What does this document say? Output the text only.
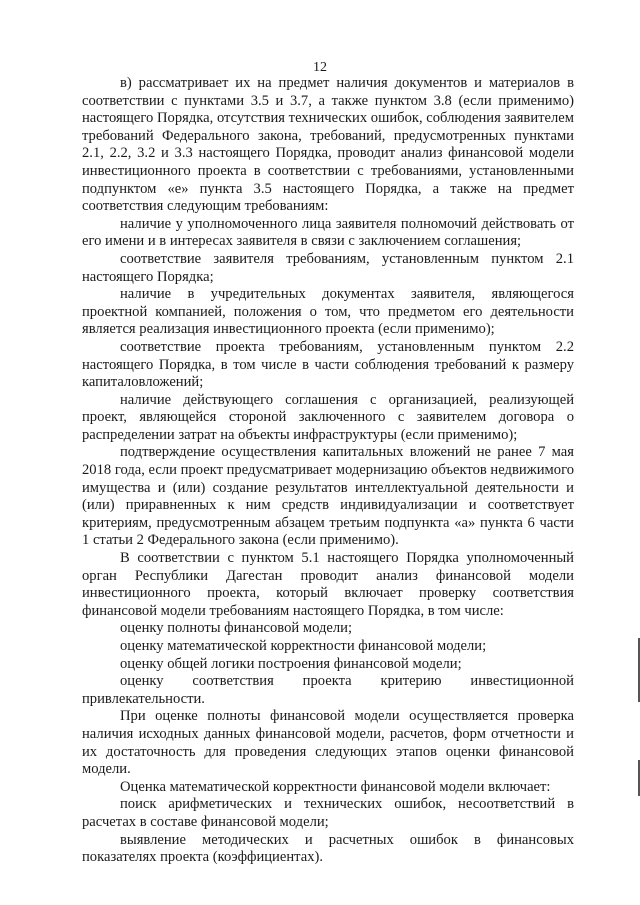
12

в) рассматривает их на предмет наличия документов и материалов в соответствии с пунктами 3.5 и 3.7, а также пунктом 3.8 (если применимо) настоящего Порядка, отсутствия технических ошибок, соблюдения заявителем требований Федерального закона, требований, предусмотренных пунктами 2.1, 2.2, 3.2 и 3.3 настоящего Порядка, проводит анализ финансовой модели инвестиционного проекта в соответствии с требованиями, установленными подпунктом «е» пункта 3.5 настоящего Порядка, а также на предмет соответствия следующим требованиям:

наличие у уполномоченного лица заявителя полномочий действовать от его имени и в интересах заявителя в связи с заключением соглашения;

соответствие заявителя требованиям, установленным пунктом 2.1 настоящего Порядка;

наличие в учредительных документах заявителя, являющегося проектной компанией, положения о том, что предметом его деятельности является реализация инвестиционного проекта (если применимо);

соответствие проекта требованиям, установленным пунктом 2.2 настоящего Порядка, в том числе в части соблюдения требований к размеру капиталовложений;

наличие действующего соглашения с организацией, реализующей проект, являющейся стороной заключенного с заявителем договора о распределении затрат на объекты инфраструктуры (если применимо);

подтверждение осуществления капитальных вложений не ранее 7 мая 2018 года, если проект предусматривает модернизацию объектов недвижимого имущества и (или) создание результатов интеллектуальной деятельности и (или) приравненных к ним средств индивидуализации и соответствует критериям, предусмотренным абзацем третьим подпункта «а» пункта 6 части 1 статьи 2 Федерального закона (если применимо).

В соответствии с пунктом 5.1 настоящего Порядка уполномоченный орган Республики Дагестан проводит анализ финансовой модели инвестиционного проекта, который включает проверку соответствия финансовой модели требованиям настоящего Порядка, в том числе:

оценку полноты финансовой модели;

оценку математической корректности финансовой модели;

оценку общей логики построения финансовой модели;

оценку соответствия проекта критерию инвестиционной привлекательности.

При оценке полноты финансовой модели осуществляется проверка наличия исходных данных финансовой модели, расчетов, форм отчетности и их достаточность для проведения следующих этапов оценки финансовой модели.

Оценка математической корректности финансовой модели включает:

поиск арифметических и технических ошибок, несоответствий в расчетах в составе финансовой модели;

выявление методических и расчетных ошибок в финансовых показателях проекта (коэффициентах).
